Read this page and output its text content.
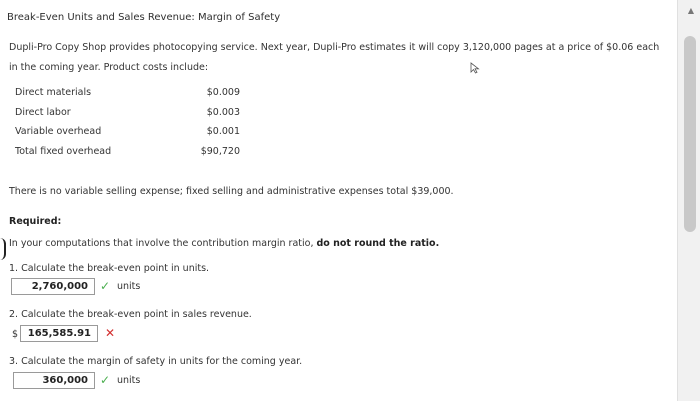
Break-Even Units and Sales Revenue: Margin of Safety
Dupli-Pro Copy Shop provides photocopying service. Next year, Dupli-Pro estimates it will copy 3,120,000 pages at a price of $0.06 each
in the coming year. Product costs include:
Direct materials	$0.009
Direct labor	$0.003
Variable overhead	$0.001
Total fixed overhead	$90,720
There is no variable selling expense; fixed selling and administrative expenses total $39,000.
Required:
In your computations that involve the contribution margin ratio, do not round the ratio.
1. Calculate the break-even point in units.
2,760,000	✓ units
2. Calculate the break-even point in sales revenue.
$ 165,585.91	✕
3. Calculate the margin of safety in units for the coming year.
360,000	✓ units
▲
